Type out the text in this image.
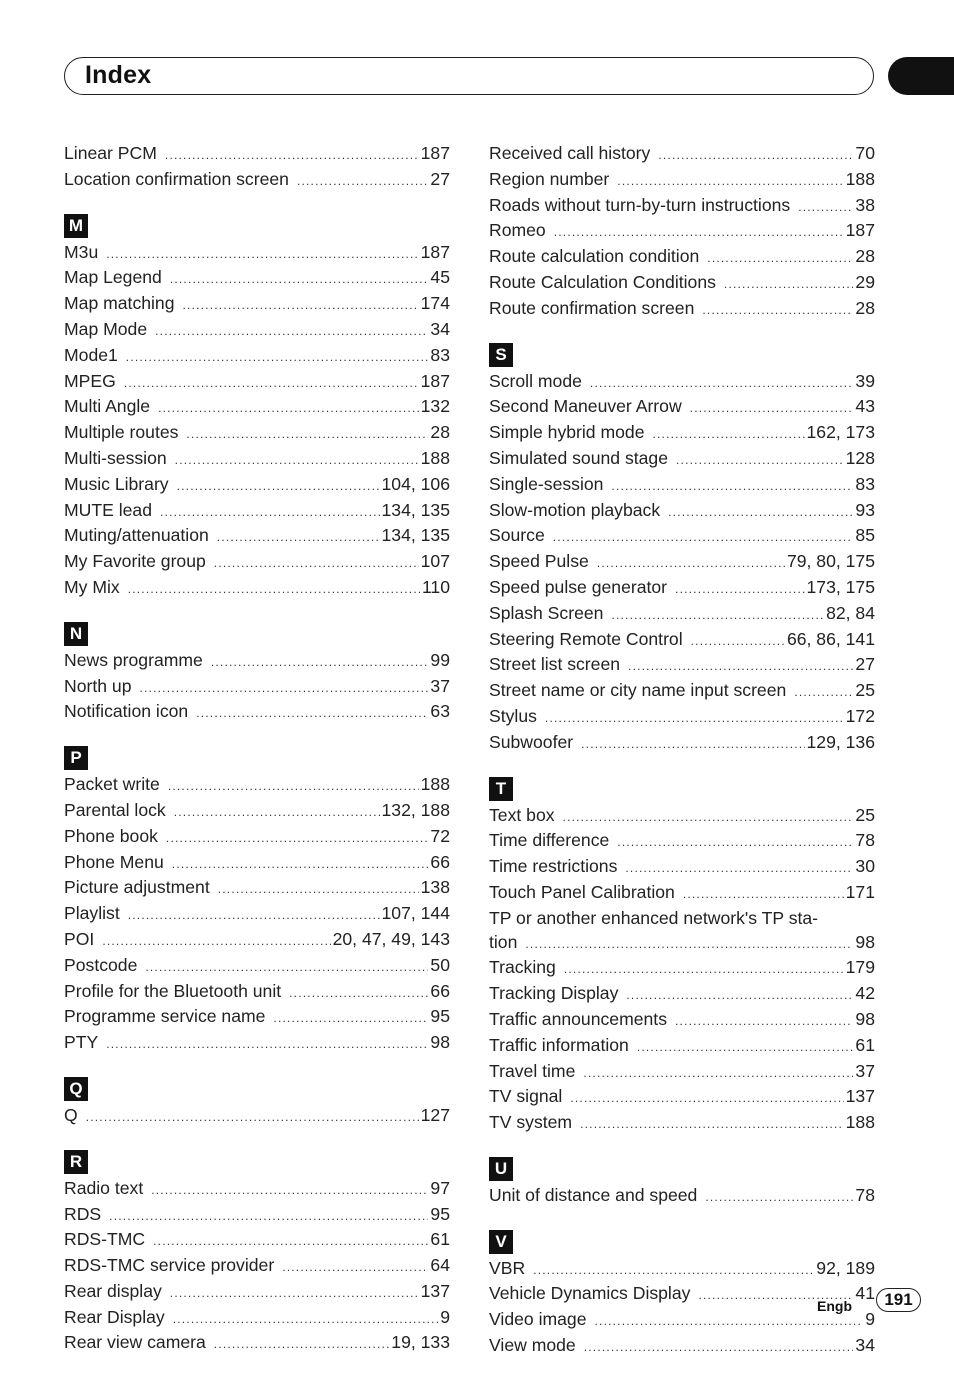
Index
Linear PCM .....	187
Location confirmation screen .....	27
M
M3u .....	187
Map Legend .....	45
Map matching .....	174
Map Mode .....	34
Mode1 .....	83
MPEG .....	187
Multi Angle .....	132
Multiple routes .....	28
Multi-session .....	188
Music Library .....	104, 106
MUTE lead .....	134, 135
Muting/attenuation .....	134, 135
My Favorite group .....	107
My Mix .....	110
N
News programme .....	99
North up .....	37
Notification icon .....	63
P
Packet write .....	188
Parental lock .....	132, 188
Phone book .....	72
Phone Menu .....	66
Picture adjustment .....	138
Playlist .....	107, 144
POI .....	20, 47, 49, 143
Postcode .....	50
Profile for the Bluetooth unit .....	66
Programme service name .....	95
PTY .....	98
Q
Q .....	127
R
Radio text .....	97
RDS .....	95
RDS-TMC .....	61
RDS-TMC service provider .....	64
Rear display .....	137
Rear Display .....	9
Rear view camera .....	19, 133
Received call history .....	70
Region number .....	188
Roads without turn-by-turn instructions .....	38
Romeo .....	187
Route calculation condition .....	28
Route Calculation Conditions .....	29
Route confirmation screen .....	28
S
Scroll mode .....	39
Second Maneuver Arrow .....	43
Simple hybrid mode .....	162, 173
Simulated sound stage .....	128
Single-session .....	83
Slow-motion playback .....	93
Source .....	85
Speed Pulse .....	79, 80, 175
Speed pulse generator .....	173, 175
Splash Screen .....	82, 84
Steering Remote Control .....	66, 86, 141
Street list screen .....	27
Street name or city name input screen .....	25
Stylus .....	172
Subwoofer .....	129, 136
T
Text box .....	25
Time difference .....	78
Time restrictions .....	30
Touch Panel Calibration .....	171
TP or another enhanced network's TP sta-
tion .....	98
Tracking .....	179
Tracking Display .....	42
Traffic announcements .....	98
Traffic information .....	61
Travel time .....	37
TV signal .....	137
TV system .....	188
U
Unit of distance and speed .....	78
V
VBR .....	92, 189
Vehicle Dynamics Display .....	41
Video image .....	9
View mode .....	34
Engb	191
